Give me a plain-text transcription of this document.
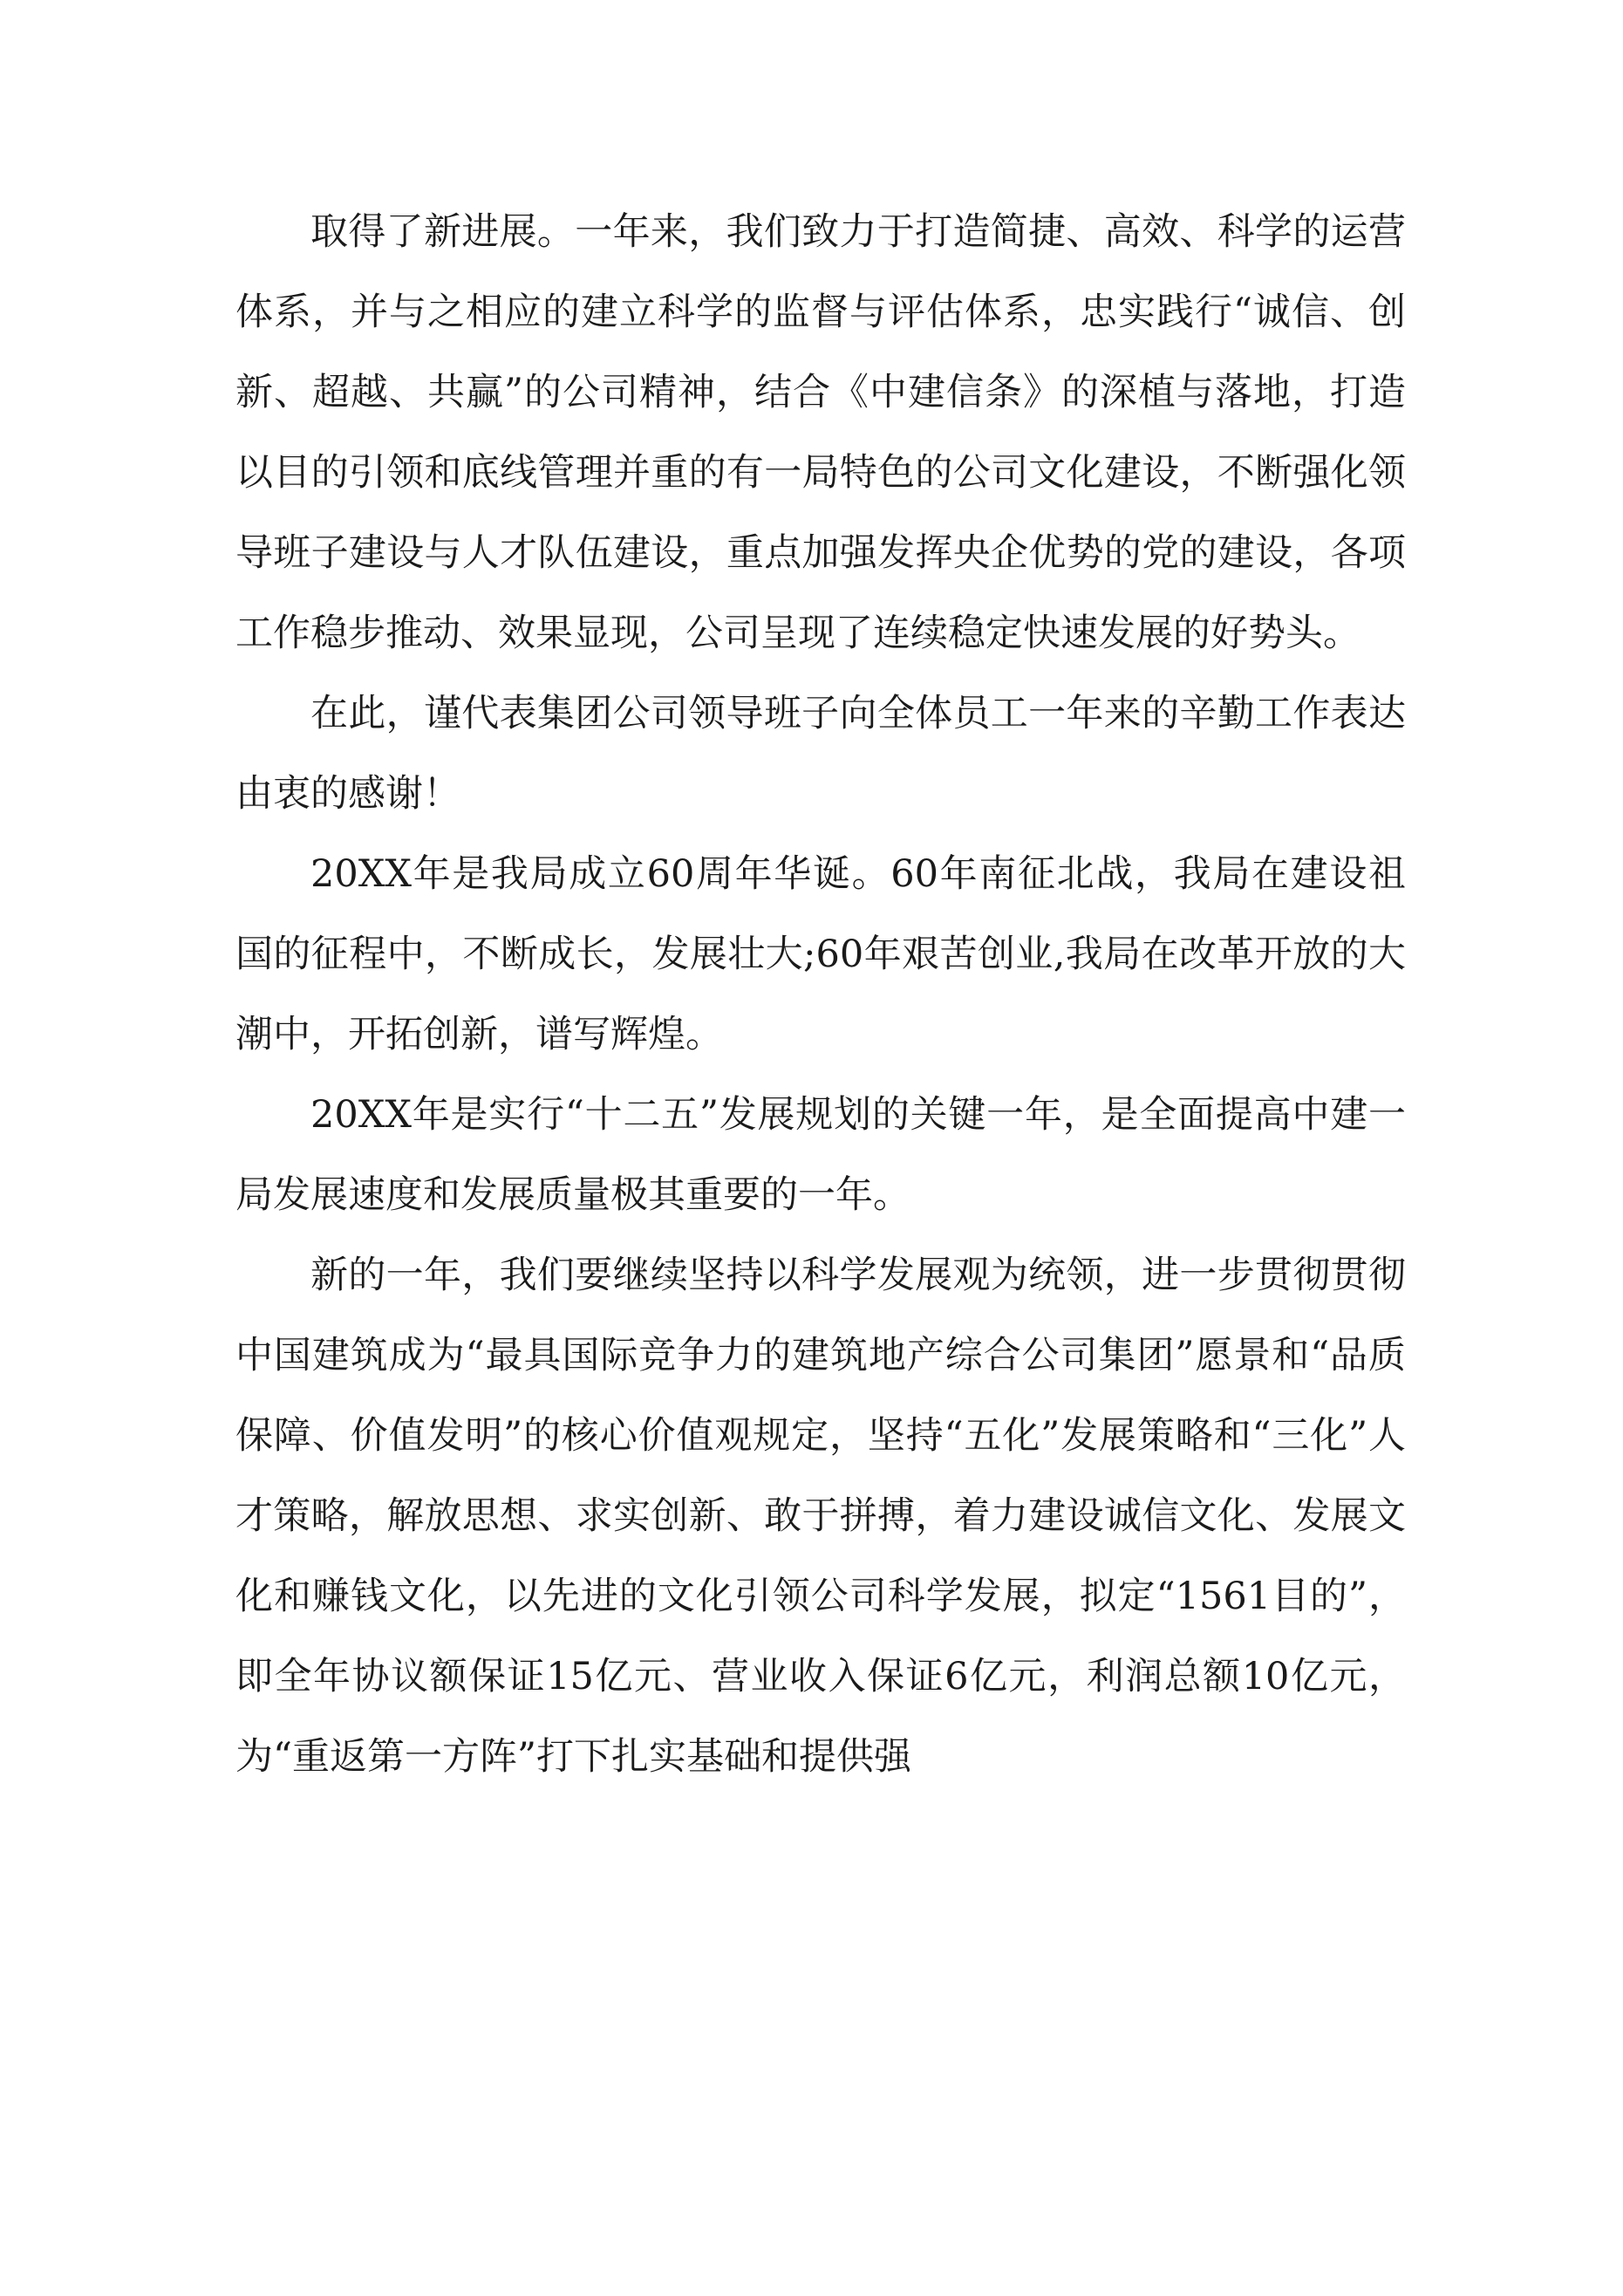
取得了新进展。一年来，我们致力于打造简捷、高效、科学的运营体系，并与之相应的建立科学的监督与评估体系，忠实践行“诚信、创新、超越、共赢”的公司精神，结合《中建信条》的深植与落地，打造以目的引领和底线管理并重的有一局特色的公司文化建设，不断强化领导班子建设与人才队伍建设，重点加强发挥央企优势的党的建设，各项工作稳步推动、效果显现，公司呈现了连续稳定快速发展的好势头。

在此，谨代表集团公司领导班子向全体员工一年来的辛勤工作表达由衷的感谢！

20XX年是我局成立60周年华诞。60年南征北战，我局在建设祖国的征程中，不断成长，发展壮大;60年艰苦创业,我局在改革开放的大潮中，开拓创新，谱写辉煌。

20XX年是实行“十二五”发展规划的关键一年，是全面提高中建一局发展速度和发展质量极其重要的一年。

新的一年，我们要继续坚持以科学发展观为统领，进一步贯彻贯彻中国建筑成为“最具国际竞争力的建筑地产综合公司集团”愿景和“品质保障、价值发明”的核心价值观规定，坚持“五化”发展策略和“三化”人才策略，解放思想、求实创新、敢于拼搏，着力建设诚信文化、发展文化和赚钱文化，以先进的文化引领公司科学发展，拟定“1561目的”，即全年协议额保证15亿元、营业收入保证6亿元，利润总额10亿元，为“重返第一方阵”打下扎实基础和提供强
